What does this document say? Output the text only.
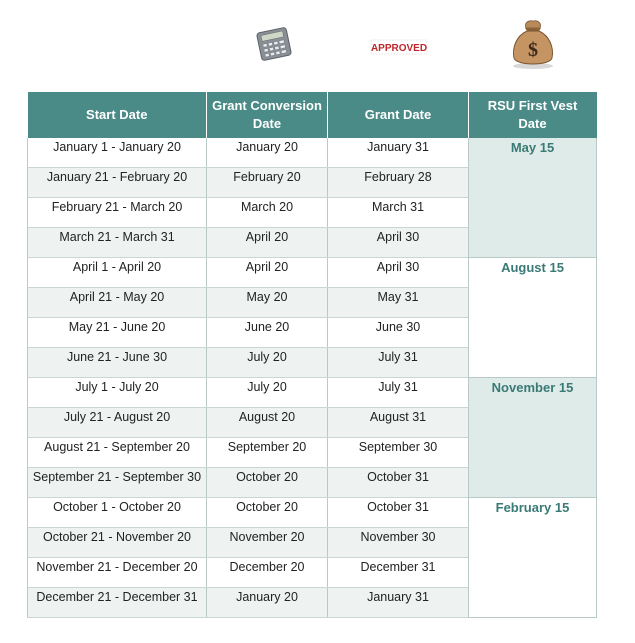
APPROVED	$
Start Date	Grant Conversion Date	Grant Date	RSU First Vest Date
January 1 - January 20	January 20	January 31	May 15
January 21 - February 20	February 20	February 28	
February 21 - March 20	March 20	March 31	
March 21 - March 31	April 20	April 30	
April 1 - April 20	April 20	April 30	August 15
April 21 - May 20	May 20	May 31	
May 21 - June 20	June 20	June 30	
June 21 - June 30	July 20	July 31	
July 1 - July 20	July 20	July 31	November 15
July 21 - August 20	August 20	August 31	
August 21 - September 20	September 20	September 30	
September 21 - September 30	October 20	October 31	
October 1 - October 20	October 20	October 31	February 15
October 21 - November 20	November 20	November 30	
November 21 - December 20	December 20	December 31	
December 21 - December 31	January 20	January 31	
